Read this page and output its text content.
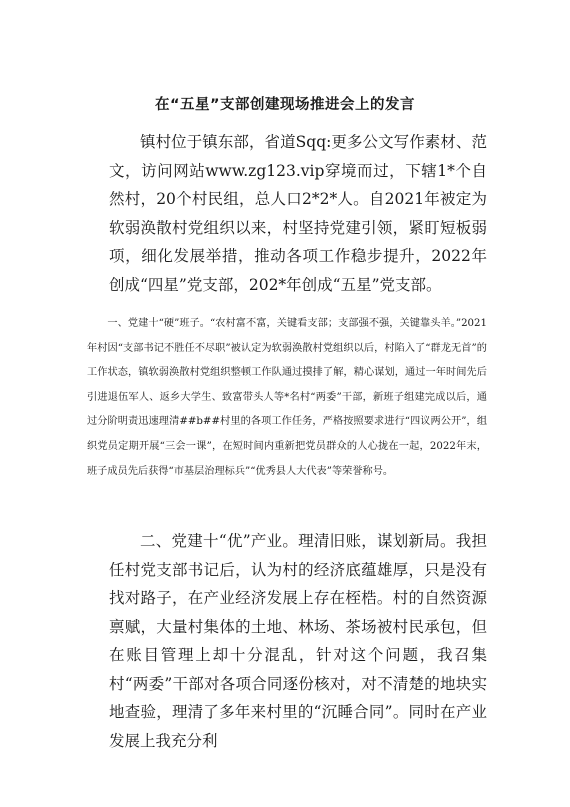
在“五星”支部创建现场推进会上的发言
镇村位于镇东部，省道Sqq:更多公文写作素材、范文，访问网站www.zg123.vip穿境而过，下辖1*个自然村，20个村民组，总人口2*2*人。自2021年被定为软弱涣散村党组织以来，村坚持党建引领，紧盯短板弱项，细化发展举措，推动各项工作稳步提升，2022年创成“四星”党支部，202*年创成“五星”党支部。
一、党建十“硬”班子。“农村富不富，关键看支部；支部强不强，关键靠头羊。”2021年村因“支部书记不胜任不尽职”被认定为软弱涣散村党组织以后，村陷入了“群龙无首”的工作状态，镇软弱涣散村党组织整顿工作队通过摸排了解，精心谋划，通过一年时间先后引进退伍军人、返乡大学生、致富带头人等*名村“两委”干部，新班子组建完成以后，通过分阶明责迅速理清##b##村里的各项工作任务，严格按照要求进行“四议两公开”，组织党员定期开展“三会一课”，在短时间内重新把党员群众的人心拢在一起，2022年末，班子成员先后获得“市基层治理标兵”“优秀县人大代表”等荣誉称号。
二、党建十“优”产业。理清旧账，谋划新局。我担任村党支部书记后，认为村的经济底蕴雄厚，只是没有找对路子，在产业经济发展上存在桎梏。村的自然资源禀赋，大量村集体的土地、林场、茶场被村民承包，但在账目管理上却十分混乱，针对这个问题，我召集村“两委”干部对各项合同逐份核对，对不清楚的地块实地查验，理清了多年来村里的“沉睡合同”。同时在产业发展上我充分利
